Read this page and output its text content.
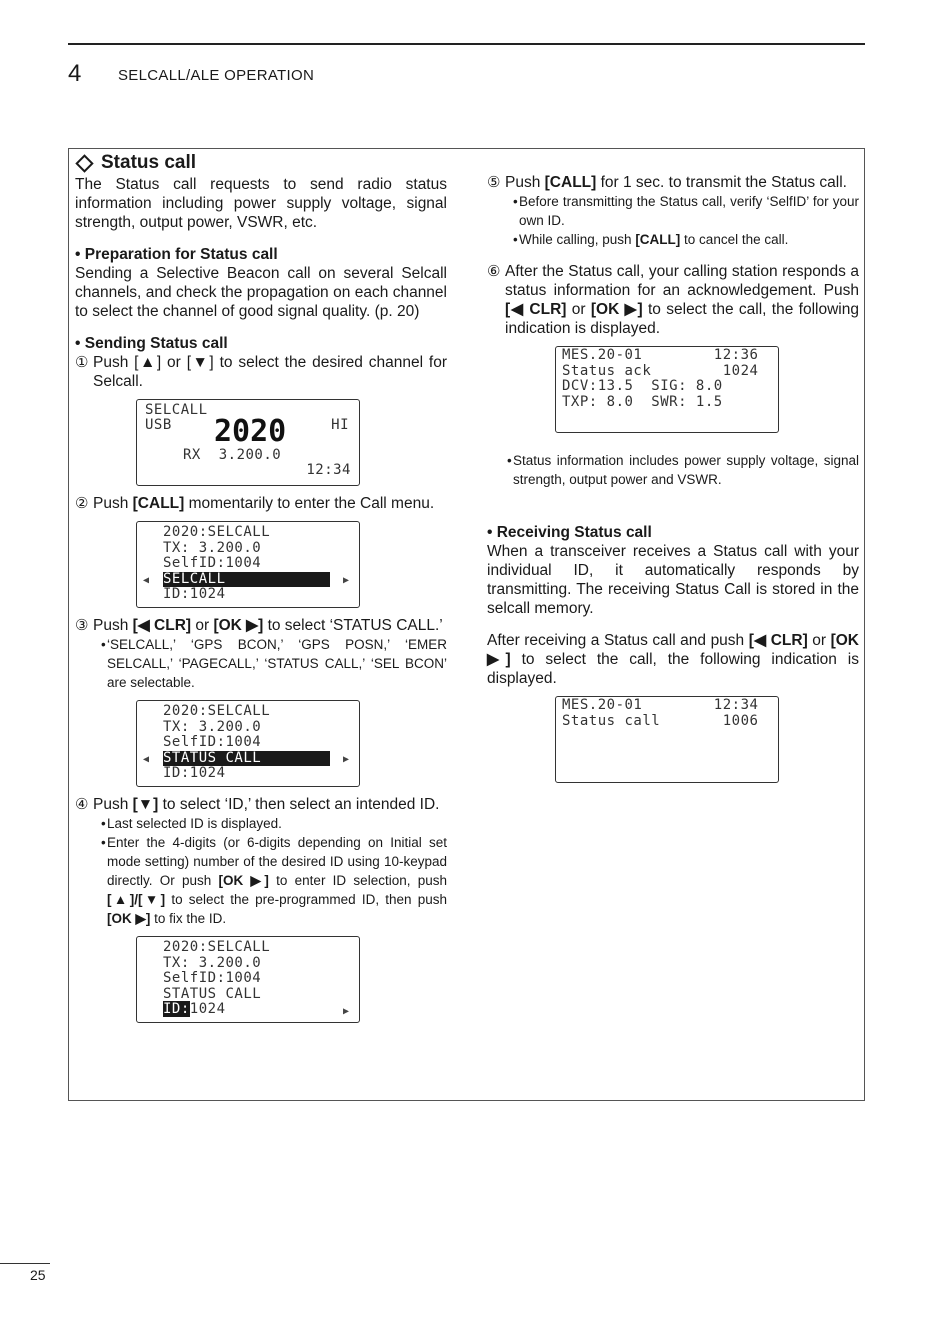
4 SELCALL/ALE OPERATION
Status call

The Status call requests to send radio status information including power supply voltage, signal strength, output power, VSWR, etc.

• Preparation for Status call

Sending a Selective Beacon call on several Selcall channels, and check the propagation on each channel to select the channel of good signal quality. (p. 20)

• Sending Status call
① Push [▲] or [▼] to select the desired channel for Selcall.
SELCALL
USB 2020	HI
RX  3.200.0
12:34
② Push [CALL] momentarily to enter the Call menu.
◀	▶
2020:SELCALL
TX: 3.200.0
SelfID:1004
SELCALL
ID:1024
③ Push [◀ CLR] or [OK ▶] to select ‘STATUS CALL.’
• ‘SELCALL,’ ‘GPS BCON,’ ‘GPS POSN,’ ‘EMER SELCALL,’ ‘PAGECALL,’ ‘STATUS CALL,’ ‘SEL BCON’ are selectable.
◀	▶
2020:SELCALL
TX: 3.200.0
SelfID:1004
STATUS CALL
ID:1024
④ Push [▼] to select ‘ID,’ then select an intended ID.
• Last selected ID is displayed.
• Enter the 4-digits (or 6-digits depending on Initial set mode setting) number of the desired ID using 10-keypad directly. Or push [OK ▶] to enter ID selection, push [▲]/[▼] to select the pre-programmed ID, then push [OK ▶] to fix the ID.
▶
2020:SELCALL
TX: 3.200.0
SelfID:1004
STATUS CALL
ID:1024
⑤ Push [CALL] for 1 sec. to transmit the Status call.
• Before transmitting the Status call, verify ‘SelfID’ for your own ID.
• While calling, push [CALL] to cancel the call.
⑥ After the Status call, your calling station responds a status information for an acknowledgement. Push [◀ CLR] or [OK ▶] to select the call, the following indication is displayed.
MES.20-01        12:36
Status ack        1024
DCV:13.5  SIG: 8.0
TXP: 8.0  SWR: 1.5
• Status information includes power supply voltage, signal strength, output power and VSWR.
• Receiving Status call

When a transceiver receives a Status call with your individual ID, it automatically responds by transmitting. The receiving Status Call is stored in the selcall memory.

After receiving a Status call and push [◀ CLR] or [OK ▶] to select the call, the following indication is displayed.

MES.20-01        12:34
Status call       1006
25
